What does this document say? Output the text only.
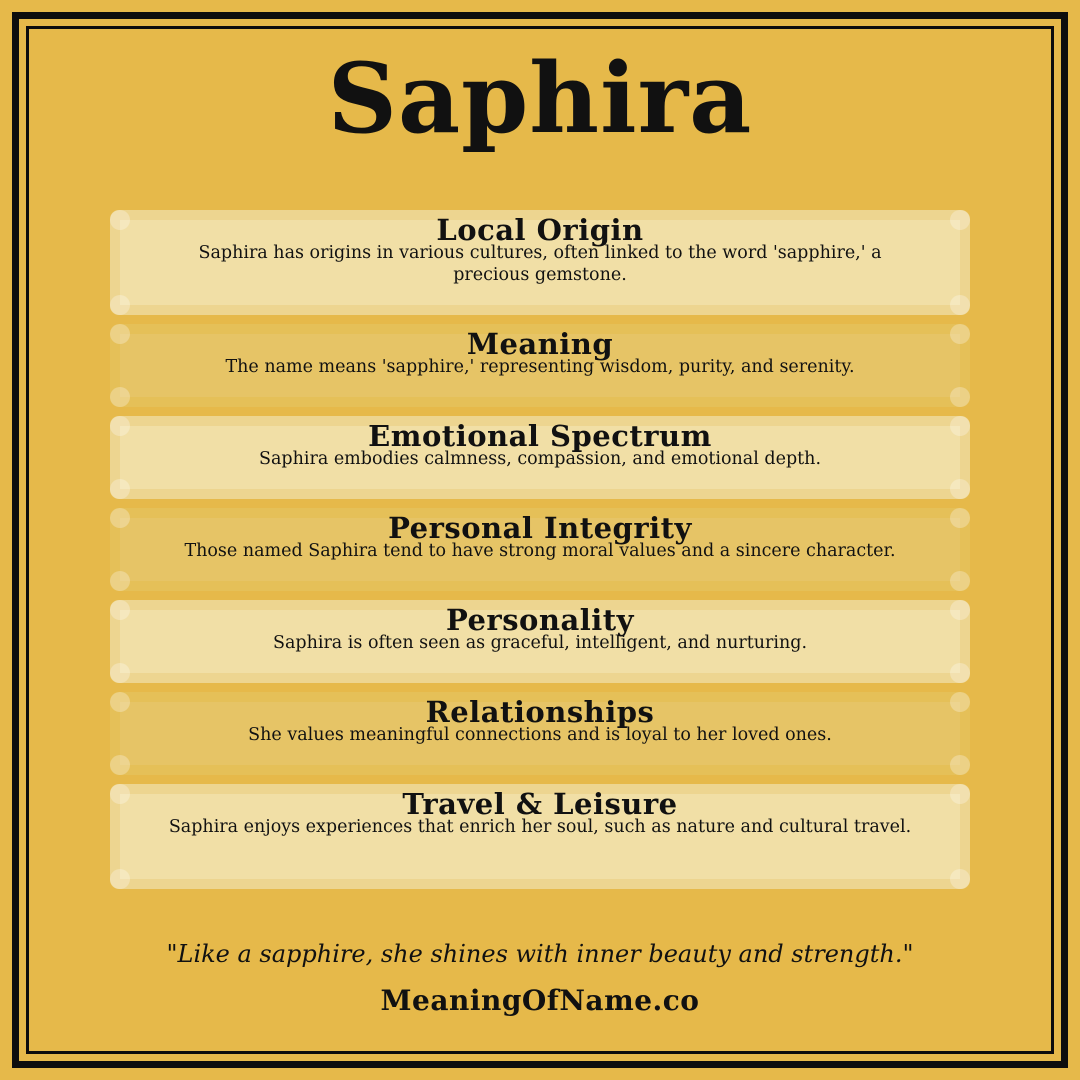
Saphira
Local Origin

Saphira has origins in various cultures, often linked to the word 'sapphire,' a precious gemstone.

Meaning

The name means 'sapphire,' representing wisdom, purity, and serenity.

Emotional Spectrum

Saphira embodies calmness, compassion, and emotional depth.

Personal Integrity

Those named Saphira tend to have strong moral values and a sincere character.

Personality

Saphira is often seen as graceful, intelligent, and nurturing.

Relationships

She values meaningful connections and is loyal to her loved ones.

Travel & Leisure

Saphira enjoys experiences that enrich her soul, such as nature and cultural travel.

"Like a sapphire, she shines with inner beauty and strength."
MeaningOfName.co
